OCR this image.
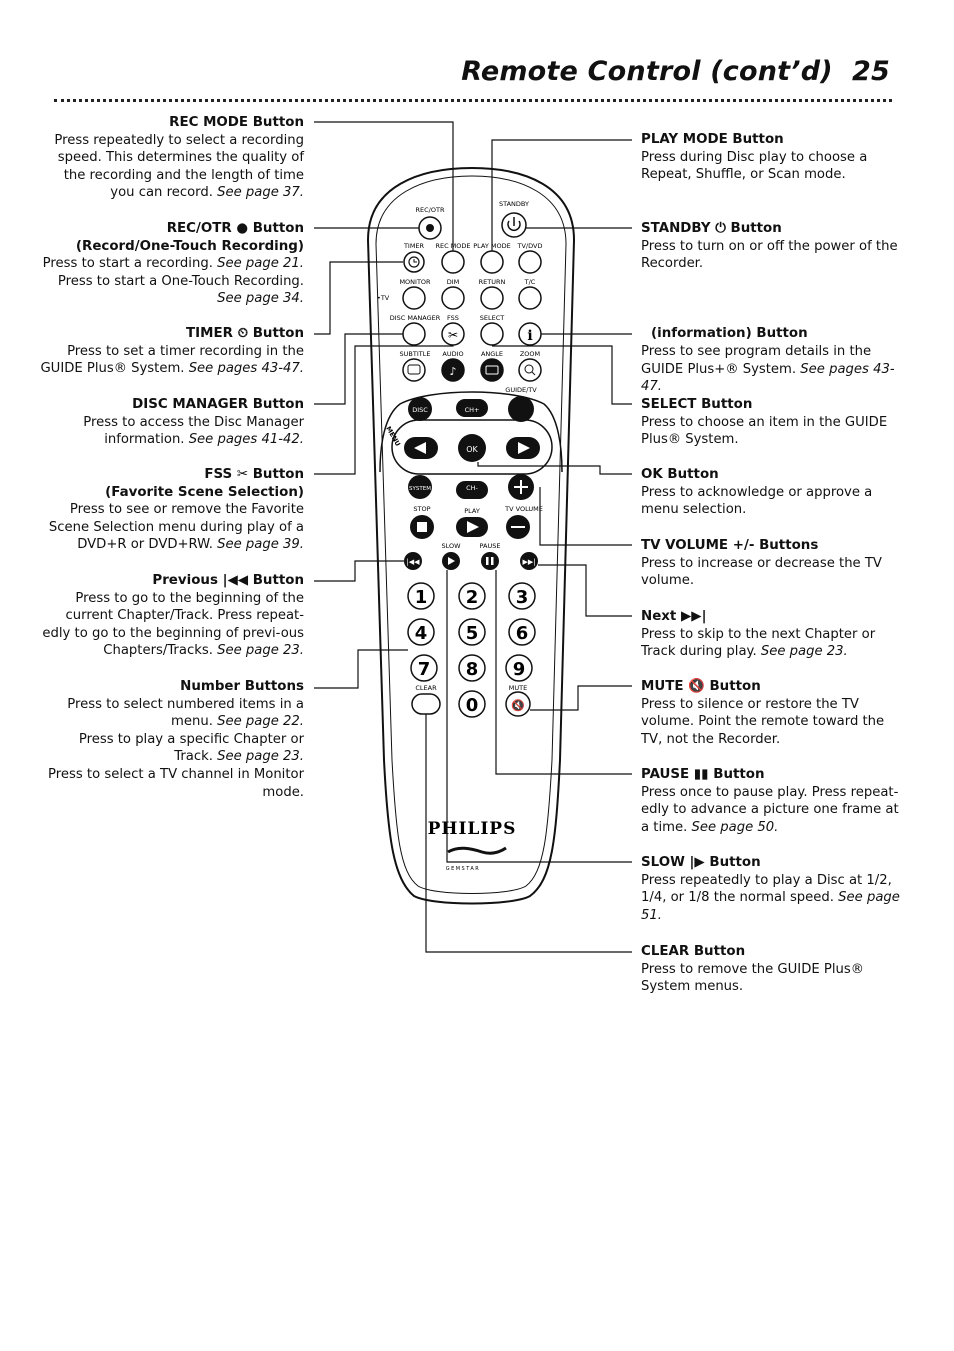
Remote Control (cont’d) 25
REC MODE Button

Press repeatedly to select a recording speed. This determines the quality of the recording and the length of time you can record. See page 37.

REC/OTR ● Button
(Record/One-Touch Recording)

Press to start a recording. See page 21. Press to start a One-Touch Recording. See page 34.

TIMER ⏲ Button

Press to set a timer recording in the GUIDE Plus® System. See pages 43-47.

DISC MANAGER Button

Press to access the Disc Manager information. See pages 41-42.

FSS ✂ Button
(Favorite Scene Selection)

Press to see or remove the Favorite Scene Selection menu during play of a DVD+R or DVD+RW. See page 39.

Previous |◀◀ Button

Press to go to the beginning of the current Chapter/Track. Press repeat-edly to go to the beginning of previ-ous Chapters/Tracks. See page 23.

Number Buttons

Press to select numbered items in a menu. See page 22.

Press to play a specific Chapter or Track. See page 23.

Press to select a TV channel in Monitor mode.

PLAY MODE Button

Press during Disc play to choose a Repeat, Shuffle, or Scan mode.

STANDBY ⏻ Button

Press to turn on or off the power of the Recorder.

(information) Button

Press to see program details in the GUIDE Plus+® System. See pages 43-47.

SELECT Button

Press to choose an item in the GUIDE Plus® System.

OK Button

Press to acknowledge or approve a menu selection.

TV VOLUME +/- Buttons

Press to increase or decrease the TV volume.

Next ▶▶|

Press to skip to the next Chapter or Track during play. See page 23.

MUTE 🔇 Button

Press to silence or restore the TV volume. Point the remote toward the TV, not the Recorder.

PAUSE ▮▮ Button

Press once to pause play. Press repeat-edly to advance a picture one frame at a time. See page 50.

SLOW |▶ Button

Press repeatedly to play a Disc at 1/2, 1/4, or 1/8 the normal speed. See page 51.

CLEAR Button

Press to remove the GUIDE Plus® System menus.

REC/OTR
STANDBY
TIMER REC MODE PLAY MODE TV/DVD
MONITOR DIM	RETURN	T/C
•TV
DISC MANAGER FSS	SELECT
✂	i
SUBTITLE AUDIO	ANGLE	ZOOM
♪
GUIDE/TV
MENU
DISC	CH+
OK
SYSTEM	CH-
STOP	PLAY	TV VOLUME
SLOW	PAUSE
|◀◀	▶▶|
1 2 3
4 5 6
7 8 9
0
CLEAR	MUTE
🔇
PHILIPS
GEMSTAR
